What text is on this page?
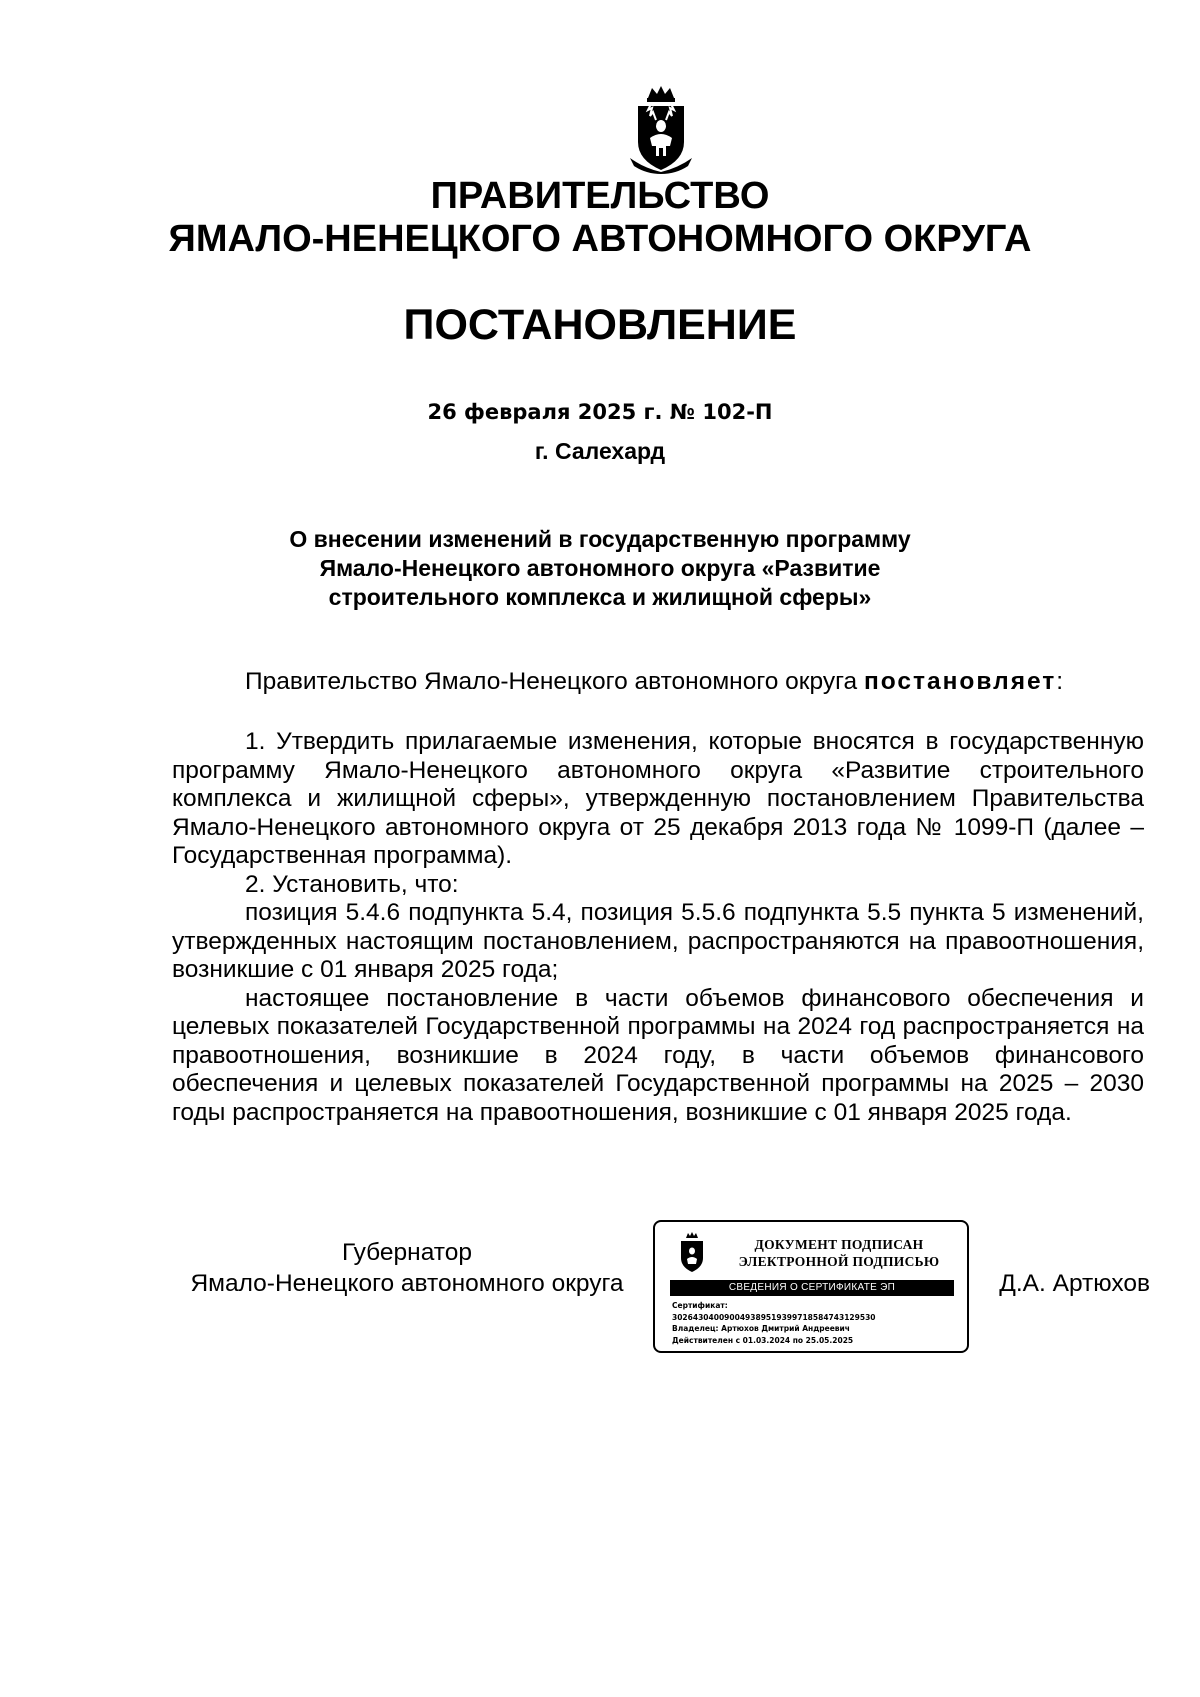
ПРАВИТЕЛЬСТВО
ЯМАЛО-НЕНЕЦКОГО АВТОНОМНОГО ОКРУГА
ПОСТАНОВЛЕНИЕ
26 февраля 2025 г. № 102-П
г. Салехард
О внесении изменений в государственную программу
Ямало-Ненецкого автономного округа «Развитие
строительного комплекса и жилищной сферы»

Правительство Ямало-Ненецкого автономного округа постановляет:

1. Утвердить прилагаемые изменения, которые вносятся в государственную программу Ямало-Ненецкого автономного округа «Развитие строительного комплекса и жилищной сферы», утвержденную постановлением Правительства Ямало-Ненецкого автономного округа от 25 декабря 2013 года № 1099-П (далее – Государственная программа).

2. Установить, что:

позиция 5.4.6 подпункта 5.4, позиция 5.5.6 подпункта 5.5 пункта 5 изменений, утвержденных настоящим постановлением, распространяются на правоотношения, возникшие с 01 января 2025 года;

настоящее постановление в части объемов финансового обеспечения и целевых показателей Государственной программы на 2024 год распространяется на правоотношения, возникшие в 2024 году, в части объемов финансового обеспечения и целевых показателей Государственной программы на 2025 – 2030 годы распространяется на правоотношения, возникшие с 01 января 2025 года.

Губернатор
Ямало-Ненецкого автономного округа
ДОКУМЕНТ ПОДПИСАН
ЭЛЕКТРОННОЙ ПОДПИСЬЮ
СВЕДЕНИЯ О СЕРТИФИКАТЕ ЭП
Сертификат:
302643040090049389519399718584743129530
Владелец: Артюхов Дмитрий Андреевич
Действителен с 01.03.2024 по 25.05.2025
Д.А. Артюхов
